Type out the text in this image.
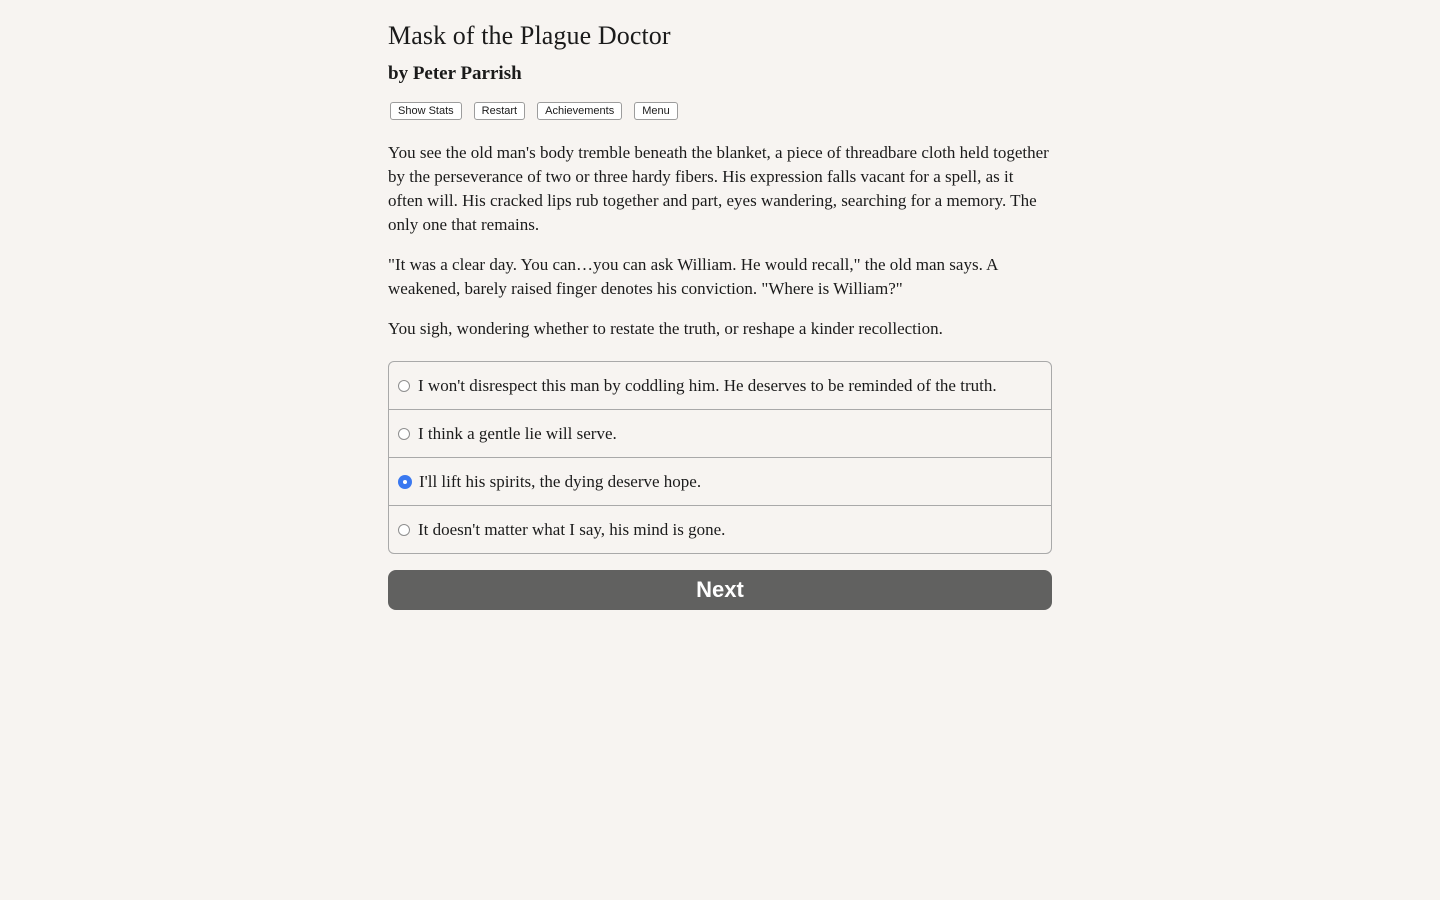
Mask of the Plague Doctor
by Peter Parrish
Show Stats	Restart	Achievements	Menu

You see the old man's body tremble beneath the blanket, a piece of threadbare cloth held together by the perseverance of two or three hardy fibers. His expression falls vacant for a spell, as it often will. His cracked lips rub together and part, eyes wandering, searching for a memory. The only one that remains.

"It was a clear day. You can…you can ask William. He would recall," the old man says. A weakened, barely raised finger denotes his conviction. "Where is William?"

You sigh, wondering whether to restate the truth, or reshape a kinder recollection.

I won't disrespect this man by coddling him. He deserves to be reminded of the truth.
I think a gentle lie will serve.
I'll lift his spirits, the dying deserve hope.
It doesn't matter what I say, his mind is gone.
Next
